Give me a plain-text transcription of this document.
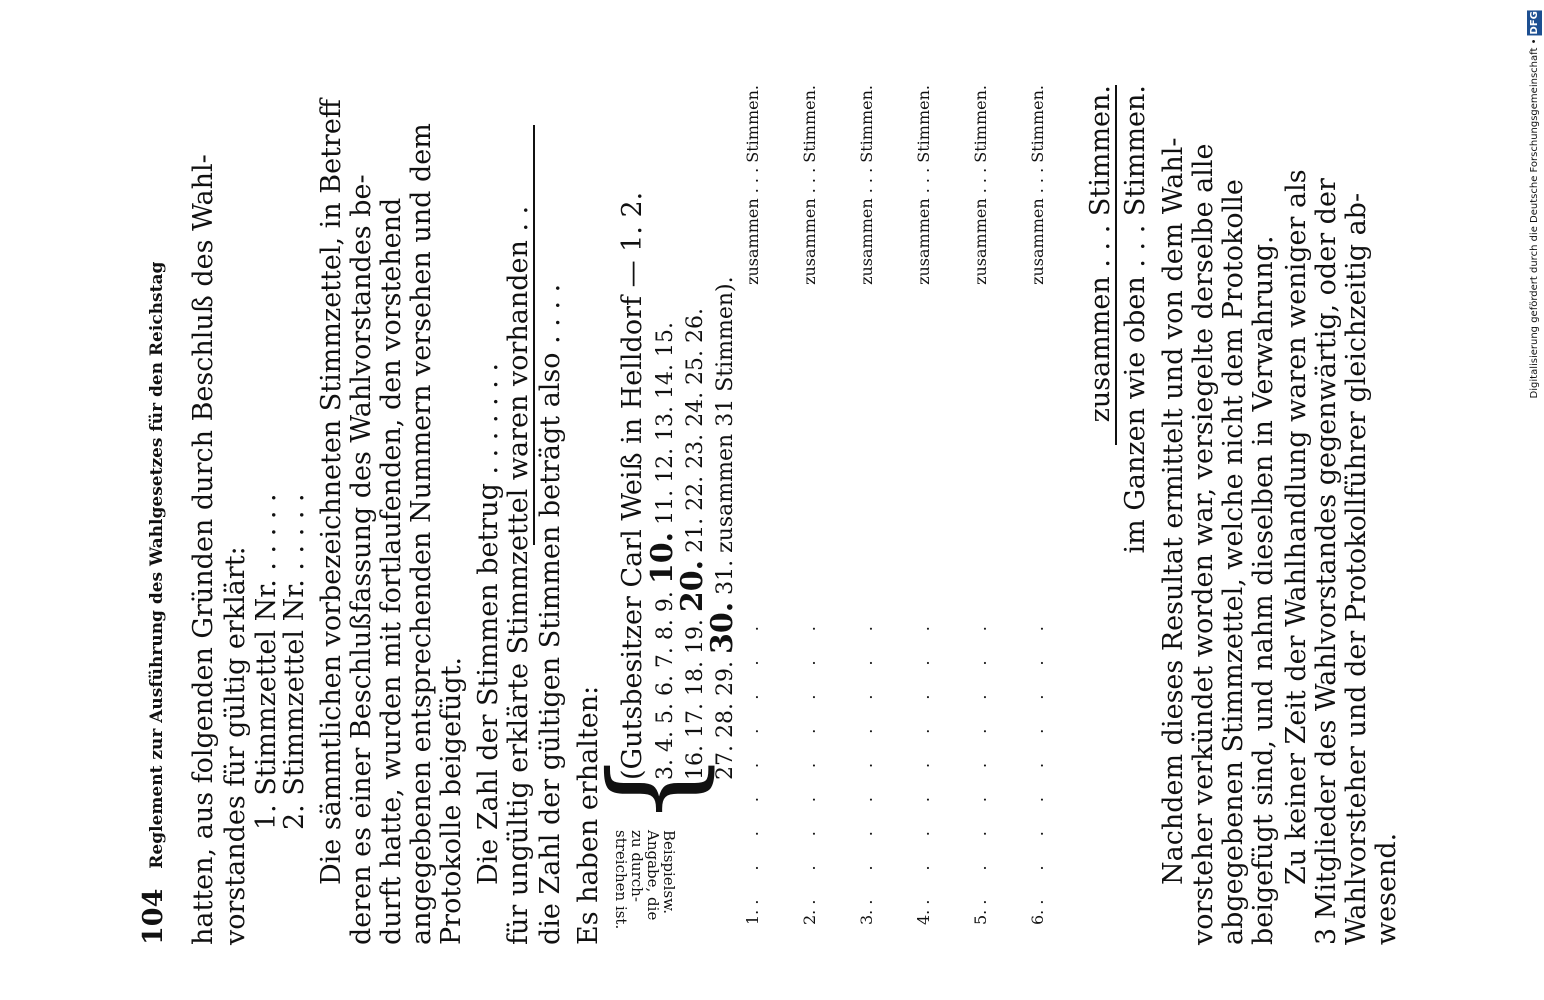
104 Reglement zur Ausführung des Wahlgesetzes für den Reichstag hatten, aus folgenden Gründen durch Beschluß des Wahl- vorstandes für gültig erklärt: 1. Stimmzettel Nr. . . . . .
2. Stimmzettel Nr. . . . . . Die sämmtlichen vorbezeichneten Stimmzettel, in Betreff deren es einer Beschlußfassung des Wahlvorstandes be- durft hatte, wurden mit fortlaufenden, den vorstehend angegebenen entsprechenden Nummern versehen und dem Protokolle beigefügt. Die Zahl der Stimmen betrug . . . . . . . für ungültig erklärte Stimmzettel waren vorhanden . . die Zahl der gültigen Stimmen beträgt also . . . . Es haben erhalten:	Beispielsw.
Angabe, die
zu durch-
streichen ist.
{
(Gutsbesitzer Carl Weiß in Helldorf — 1. 2. 3. 4. 5. 6. 7. 8. 9. 10. 11. 12. 13. 14. 15.
16. 17. 18. 19. 20. 21. 22. 23. 24. 25. 26.
27. 28. 29. 30. 31. zusammen 31 Stimmen).
1. . . . . . . . . .
zusammen . . . Stimmen.
2. . . . . . . . . .
zusammen . . . Stimmen.
3. . . . . . . . . .
zusammen . . . Stimmen.
4. . . . . . . . . .
zusammen . . . Stimmen.
5. . . . . . . . . .
zusammen . . . Stimmen.
6. . . . . . . . . .
zusammen . . . Stimmen. zusammen . . . Stimmen. im Ganzen wie oben . . . Stimmen. Nachdem dieses Resultat ermittelt und von dem Wahl- vorsteher verkündet worden war, versiegelte derselbe alle abgegebenen Stimmzettel, welche nicht dem Protokolle beigefügt sind, und nahm dieselben in Verwahrung. Zu keiner Zeit der Wahlhandlung waren weniger als 3 Mitglieder des Wahlvorstandes gegenwärtig, oder der Wahlvorsteher und der Protokollführer gleichzeitig ab- wesend.
Digitalisierung gefördert durch die Deutsche Forschungsgemeinschaft • DFG
